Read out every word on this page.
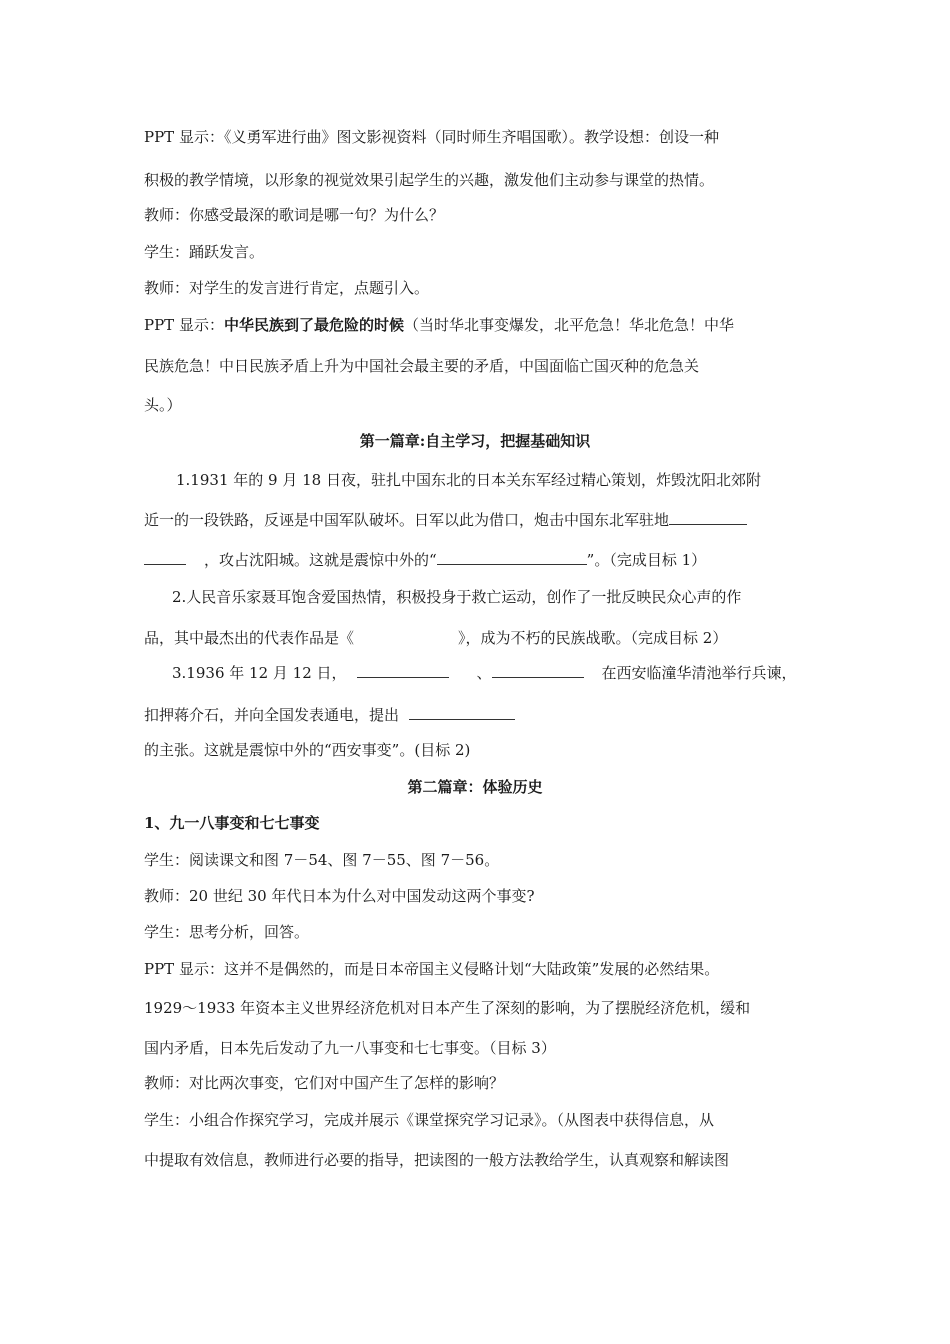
PPT 显示：《义勇军进行曲》图文影视资料（同时师生齐唱国歌）。教学设想：创设一种
积极的教学情境，以形象的视觉效果引起学生的兴趣，激发他们主动参与课堂的热情。
教师：你感受最深的歌词是哪一句？为什么？
学生：踊跃发言。
教师：对学生的发言进行肯定，点题引入。
PPT 显示：中华民族到了最危险的时候（当时华北事变爆发，北平危急！华北危急！中华
民族危急！中日民族矛盾上升为中国社会最主要的矛盾，中国面临亡国灭种的危急关
头。）
第一篇章:自主学习，把握基础知识
1.1931 年的 9 月 18 日夜，驻扎中国东北的日本关东军经过精心策划，炸毁沈阳北郊附
近一的一段铁路，反诬是中国军队破坏。日军以此为借口，炮击中国东北军驻地
，攻占沈阳城。这就是震惊中外的“	”。（完成目标 1）
2.人民音乐家聂耳饱含爱国热情，积极投身于救亡运动，创作了一批反映民众心声的作
品，其中最杰出的代表作品是《	》，成为不朽的民族战歌。（完成目标 2）
3.1936 年 12 月 12 日，	、	在西安临潼华清池举行兵谏，
扣押蒋介石，并向全国发表通电，提出
的主张。这就是震惊中外的“西安事变”。(目标 2)
第二篇章：体验历史
1、九一八事变和七七事变
学生：阅读课文和图 7－54、图 7－55、图 7－56。
教师：20 世纪 30 年代日本为什么对中国发动这两个事变?
学生：思考分析，回答。
PPT 显示：这并不是偶然的，而是日本帝国主义侵略计划“大陆政策”发展的必然结果。
1929～1933 年资本主义世界经济危机对日本产生了深刻的影响，为了摆脱经济危机，缓和
国内矛盾，日本先后发动了九一八事变和七七事变。（目标 3）
教师：对比两次事变，它们对中国产生了怎样的影响？
学生：小组合作探究学习，完成并展示《课堂探究学习记录》。（从图表中获得信息，从
中提取有效信息，教师进行必要的指导，把读图的一般方法教给学生，认真观察和解读图
